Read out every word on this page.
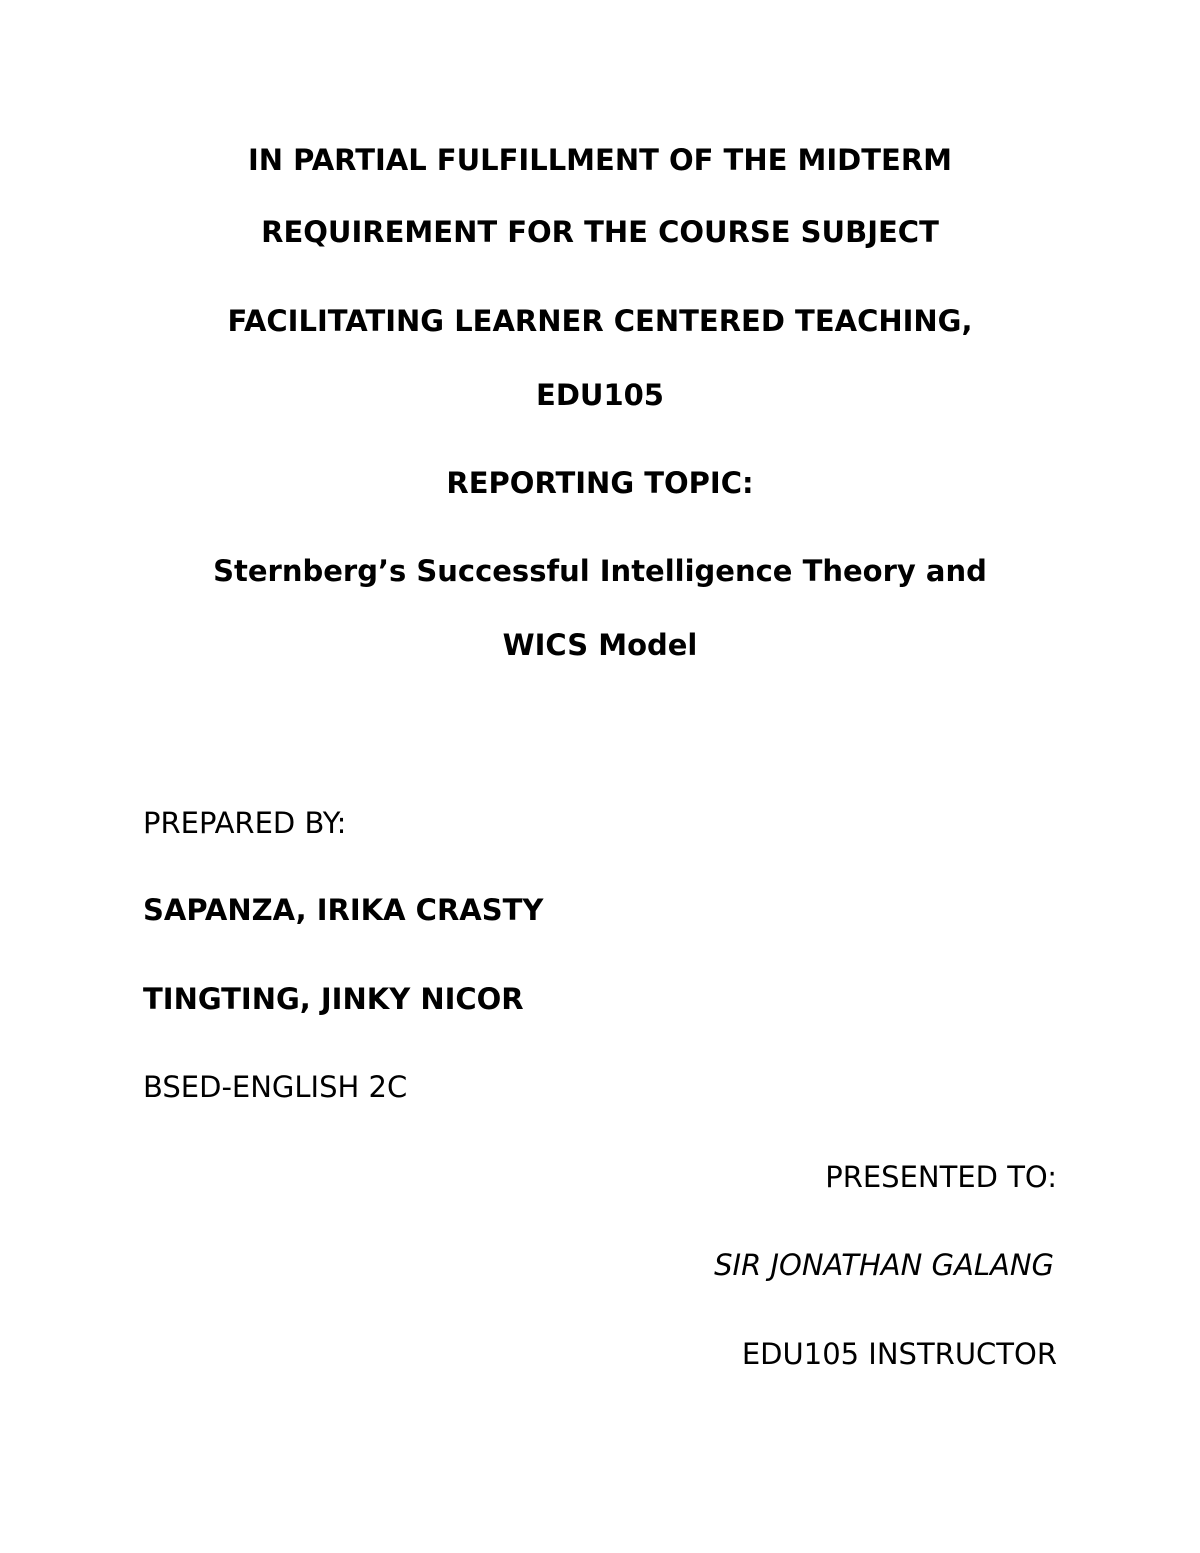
IN PARTIAL FULFILLMENT OF THE MIDTERM
REQUIREMENT FOR THE COURSE SUBJECT
FACILITATING LEARNER CENTERED TEACHING,
EDU105
REPORTING TOPIC:
Sternberg’s Successful Intelligence Theory and
WICS Model
PREPARED BY:
SAPANZA, IRIKA CRASTY
TINGTING, JINKY NICOR
BSED-ENGLISH 2C
PRESENTED TO:
SIR JONATHAN GALANG
EDU105 INSTRUCTOR
